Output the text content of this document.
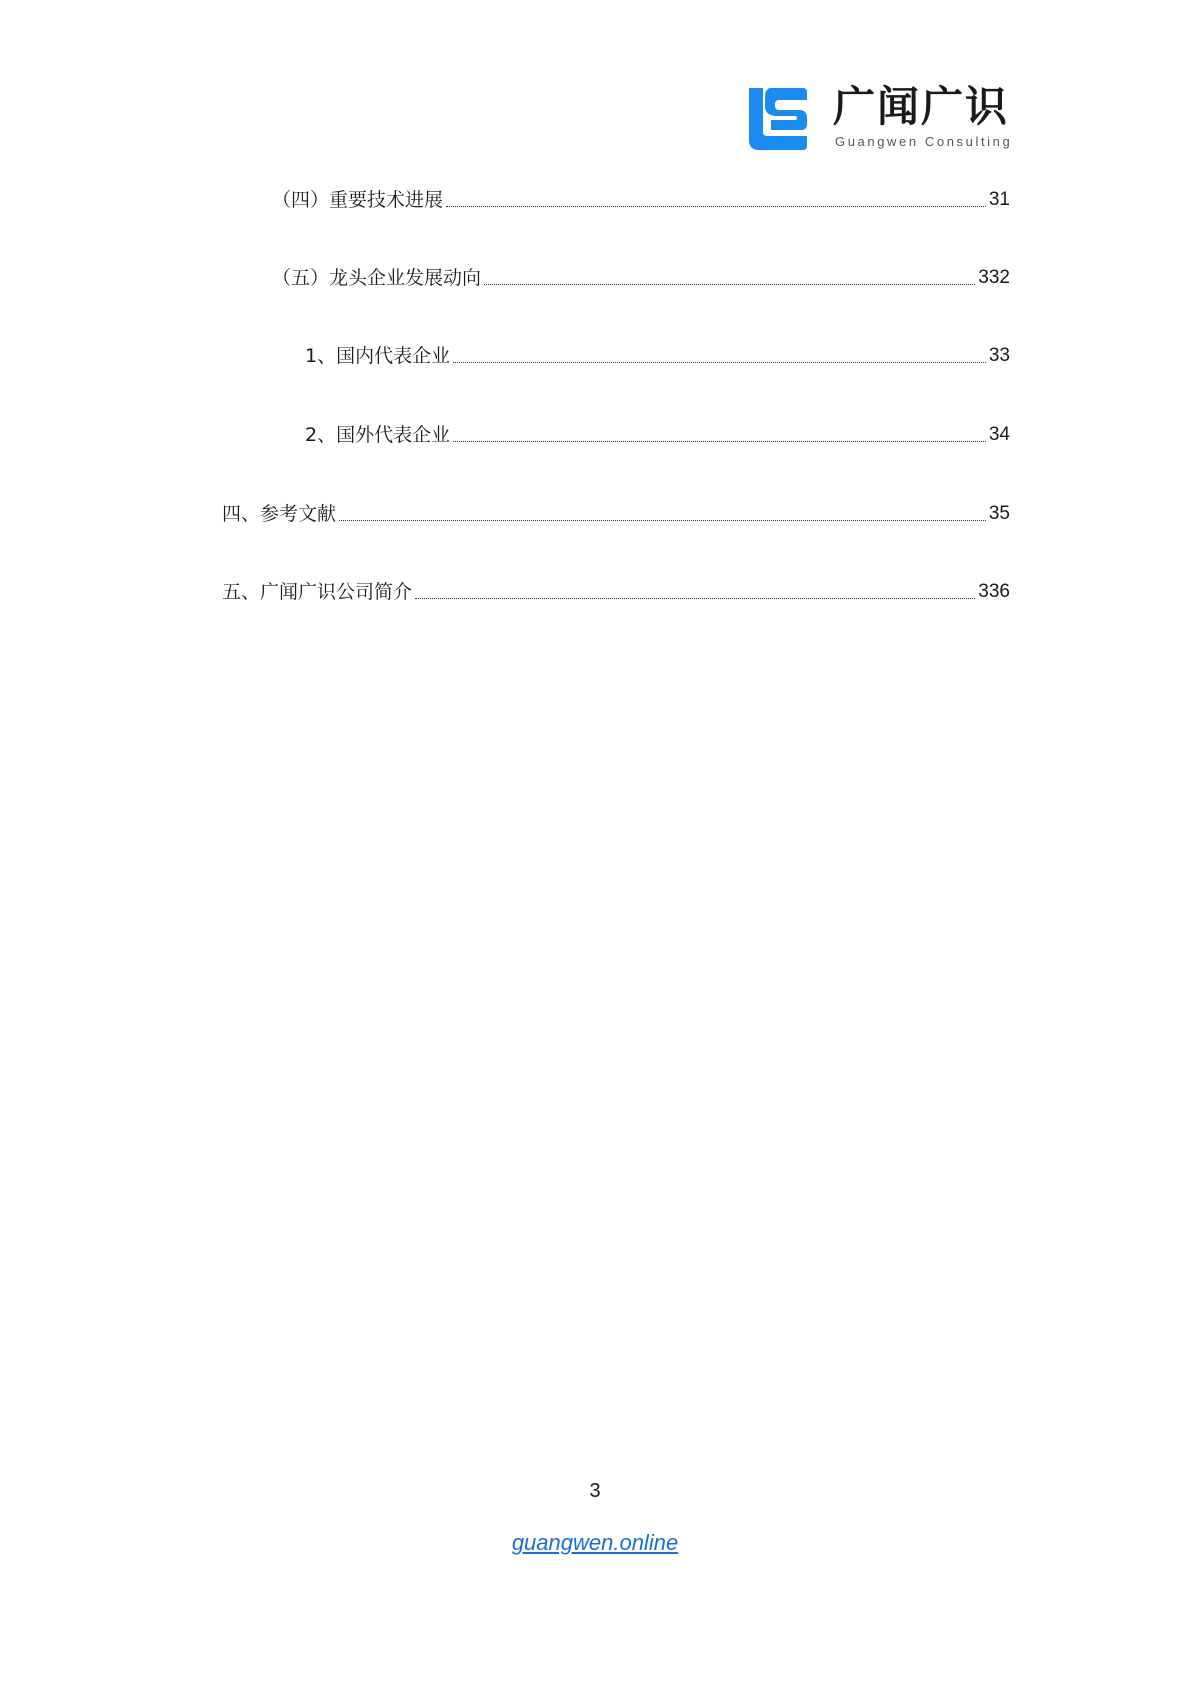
广闻广识
Guangwen Consulting
（四）重要技术进展	31
（五）龙头企业发展动向	332
1、国内代表企业	33
2、国外代表企业	34
四、参考文献	35
五、广闻广识公司简介	336
3
guangwen.online
